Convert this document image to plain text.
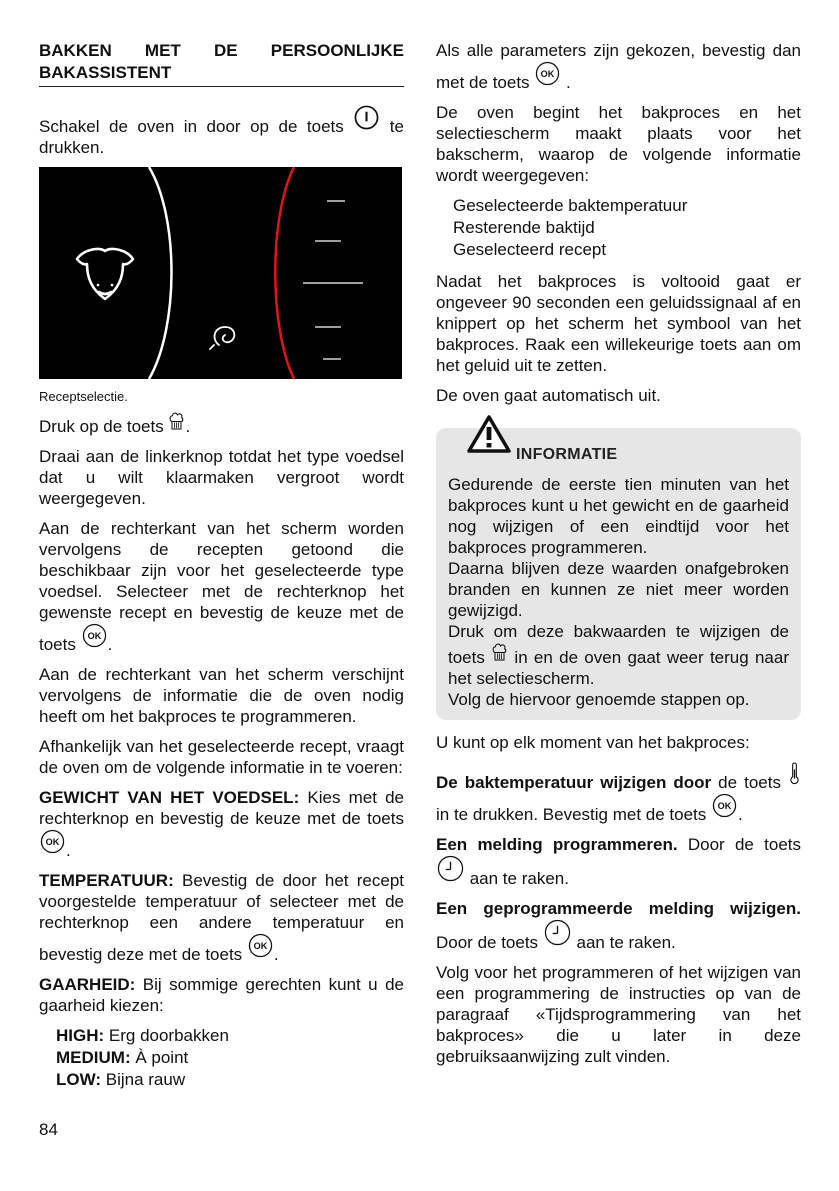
BAKKEN MET DE PERSOONLIJKE BAKASSISTENT

Schakel de oven in door op de toets	te drukken.

Receptselectie.

Druk op de toets .

Draai aan de linkerknop totdat het type voedsel dat u wilt klaarmaken vergroot wordt weergegeven.

Aan de rechterkant van het scherm worden vervolgens de recepten getoond die beschikbaar zijn voor het geselecteerde type voedsel. Selecteer met de rechterknop het gewenste recept en bevestig de keuze met de toets .

Aan de rechterkant van het scherm verschijnt vervolgens de informatie die de oven nodig heeft om het bakproces te programmeren.

Afhankelijk van het geselecteerde recept, vraagt de oven om de volgende informatie in te voeren:

GEWICHT VAN HET VOEDSEL: Kies met de rechterknop en bevestig de keuze met de toets .

TEMPERATUUR: Bevestig de door het recept voorgestelde temperatuur of selecteer met de rechterknop een andere temperatuur en bevestig deze met de toets .

GAARHEID: Bij sommige gerechten kunt u de gaarheid kiezen:

HIGH: Erg doorbakken
MEDIUM: À point
LOW: Bijna rauw

Als alle parameters zijn gekozen, bevestig dan met de toets  .

De oven begint het bakproces en het selectiescherm maakt plaats voor het bakscherm, waarop de volgende informatie wordt weergegeven:

Geselecteerde baktemperatuur
Resterende baktijd
Geselecteerd recept

Nadat het bakproces is voltooid gaat er ongeveer 90 seconden een geluidssignaal af en knippert op het scherm het symbool van het bakproces. Raak een willekeurige toets aan om het geluid uit te zetten.

De oven gaat automatisch uit.

INFORMATIE

Gedurende de eerste tien minuten van het bakproces kunt u het gewicht en de gaarheid nog wijzigen of een eindtijd voor het bakproces programmeren.

Daarna blijven deze waarden onafgebroken branden en kunnen ze niet meer worden gewijzigd.

Druk om deze bakwaarden te wijzigen de toets  in en de oven gaat weer terug naar het selectiescherm.

Volg de hiervoor genoemde stappen op.

U kunt op elk moment van het bakproces:

De baktemperatuur wijzigen door de toets  in te drukken. Bevestig met de toets .

Een melding programmeren. Door de toets  aan te raken.

Een geprogrammeerde melding wijzigen. Door de toets  aan te raken.

Volg voor het programmeren of het wijzigen van een programmering de instructies op van de paragraaf «Tijdsprogrammering van het bakproces» die u later in deze gebruiksaanwijzing zult vinden.

84
